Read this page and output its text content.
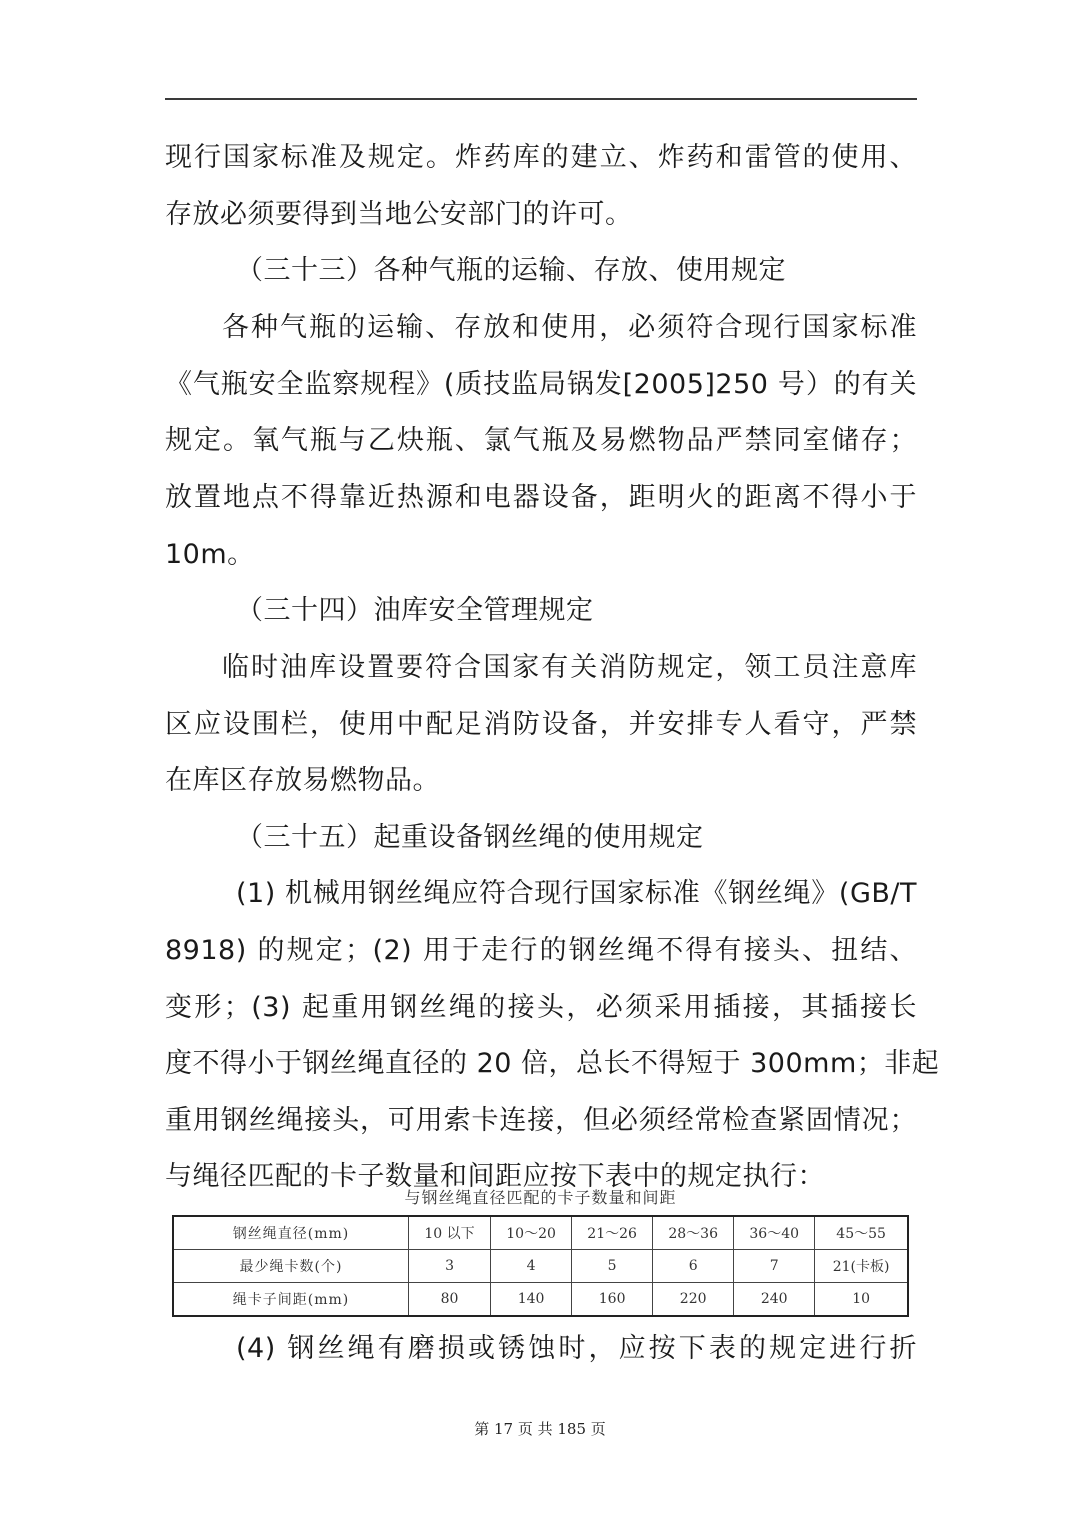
现行国家标准及规定。炸药库的建立、炸药和雷管的使用、
存放必须要得到当地公安部门的许可。
（三十三）各种气瓶的运输、存放、使用规定
各种气瓶的运输、存放和使用，必须符合现行国家标准
《气瓶安全监察规程》(质技监局锅发[2005]250 号）的有关
规定。氧气瓶与乙炔瓶、氯气瓶及易燃物品严禁同室储存；
放置地点不得靠近热源和电器设备，距明火的距离不得小于
10m。
（三十四）油库安全管理规定
临时油库设置要符合国家有关消防规定，领工员注意库
区应设围栏，使用中配足消防设备，并安排专人看守，严禁
在库区存放易燃物品。
（三十五）起重设备钢丝绳的使用规定
(1) 机械用钢丝绳应符合现行国家标准《钢丝绳》(GB/T
8918) 的规定；(2) 用于走行的钢丝绳不得有接头、扭结、
变形；(3) 起重用钢丝绳的接头，必须采用插接，其插接长
度不得小于钢丝绳直径的 20 倍，总长不得短于 300mm；非起
重用钢丝绳接头，可用索卡连接，但必须经常检查紧固情况；
与绳径匹配的卡子数量和间距应按下表中的规定执行：
与钢丝绳直径匹配的卡子数量和间距
钢丝绳直径(mm)	10 以下	10～20	21～26	28～36	36～40	45～55
最少绳卡数(个)	3	4	5	6	7	21(卡板)
绳卡子间距(mm)	80	140	160	220	240	10
(4) 钢丝绳有磨损或锈蚀时，应按下表的规定进行折
第 17 页 共 185 页
